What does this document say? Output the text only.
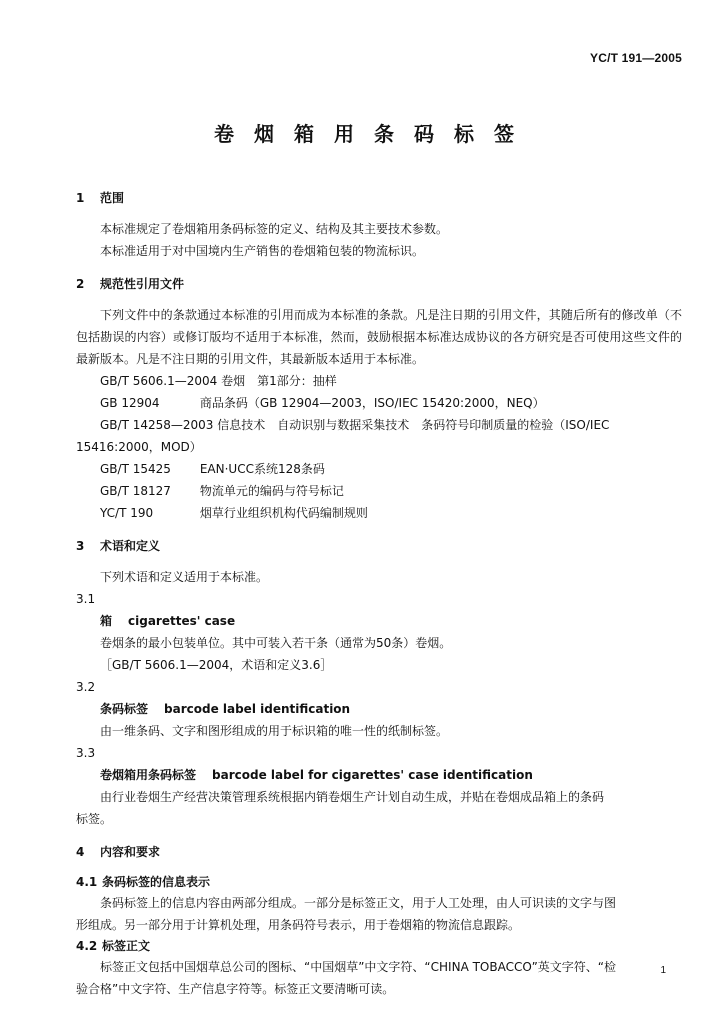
YC/T 191—2005
卷烟箱用条码标签
1 范围

本标准规定了卷烟箱用条码标签的定义、结构及其主要技术参数。

本标准适用于对中国境内生产销售的卷烟箱包装的物流标识。

2 规范性引用文件

下列文件中的条款通过本标准的引用而成为本标准的条款。凡是注日期的引用文件，其随后所有的修改单（不包括勘误的内容）或修订版均不适用于本标准，然而，鼓励根据本标准达成协议的各方研究是否可使用这些文件的最新版本。凡是不注日期的引用文件，其最新版本适用于本标准。

GB/T 5606.1—2004 卷烟　第1部分：抽样
GB 12904	商品条码（GB 12904—2003，ISO/IEC 15420:2000，NEQ）
GB/T 14258—2003 信息技术　自动识别与数据采集技术　条码符号印制质量的检验（ISO/IEC
15416:2000，MOD）
GB/T 15425 EAN·UCC系统128条码
GB/T 18127 物流单元的编码与符号标记
YC/T 190	烟草行业组织机构代码编制规则
3 术语和定义

下列术语和定义适用于本标准。

3.1
箱 cigarettes' case
卷烟条的最小包装单位。其中可装入若干条（通常为50条）卷烟。
［GB/T 5606.1—2004，术语和定义3.6］
3.2
条码标签 barcode label identification
由一维条码、文字和图形组成的用于标识箱的唯一性的纸制标签。
3.3
卷烟箱用条码标签 barcode label for cigarettes' case identification
由行业卷烟生产经营决策管理系统根据内销卷烟生产计划自动生成，并贴在卷烟成品箱上的条码
标签。
4 内容和要求
4.1 条码标签的信息表示

条码标签上的信息内容由两部分组成。一部分是标签正文，用于人工处理，由人可识读的文字与图

形组成。另一部分用于计算机处理，用条码符号表示，用于卷烟箱的物流信息跟踪。

4.2 标签正文

标签正文包括中国烟草总公司的图标、“中国烟草”中文字符、“CHINA TOBACCO”英文字符、“检

验合格”中文字符、生产信息字符等。标签正文要清晰可读。

1
